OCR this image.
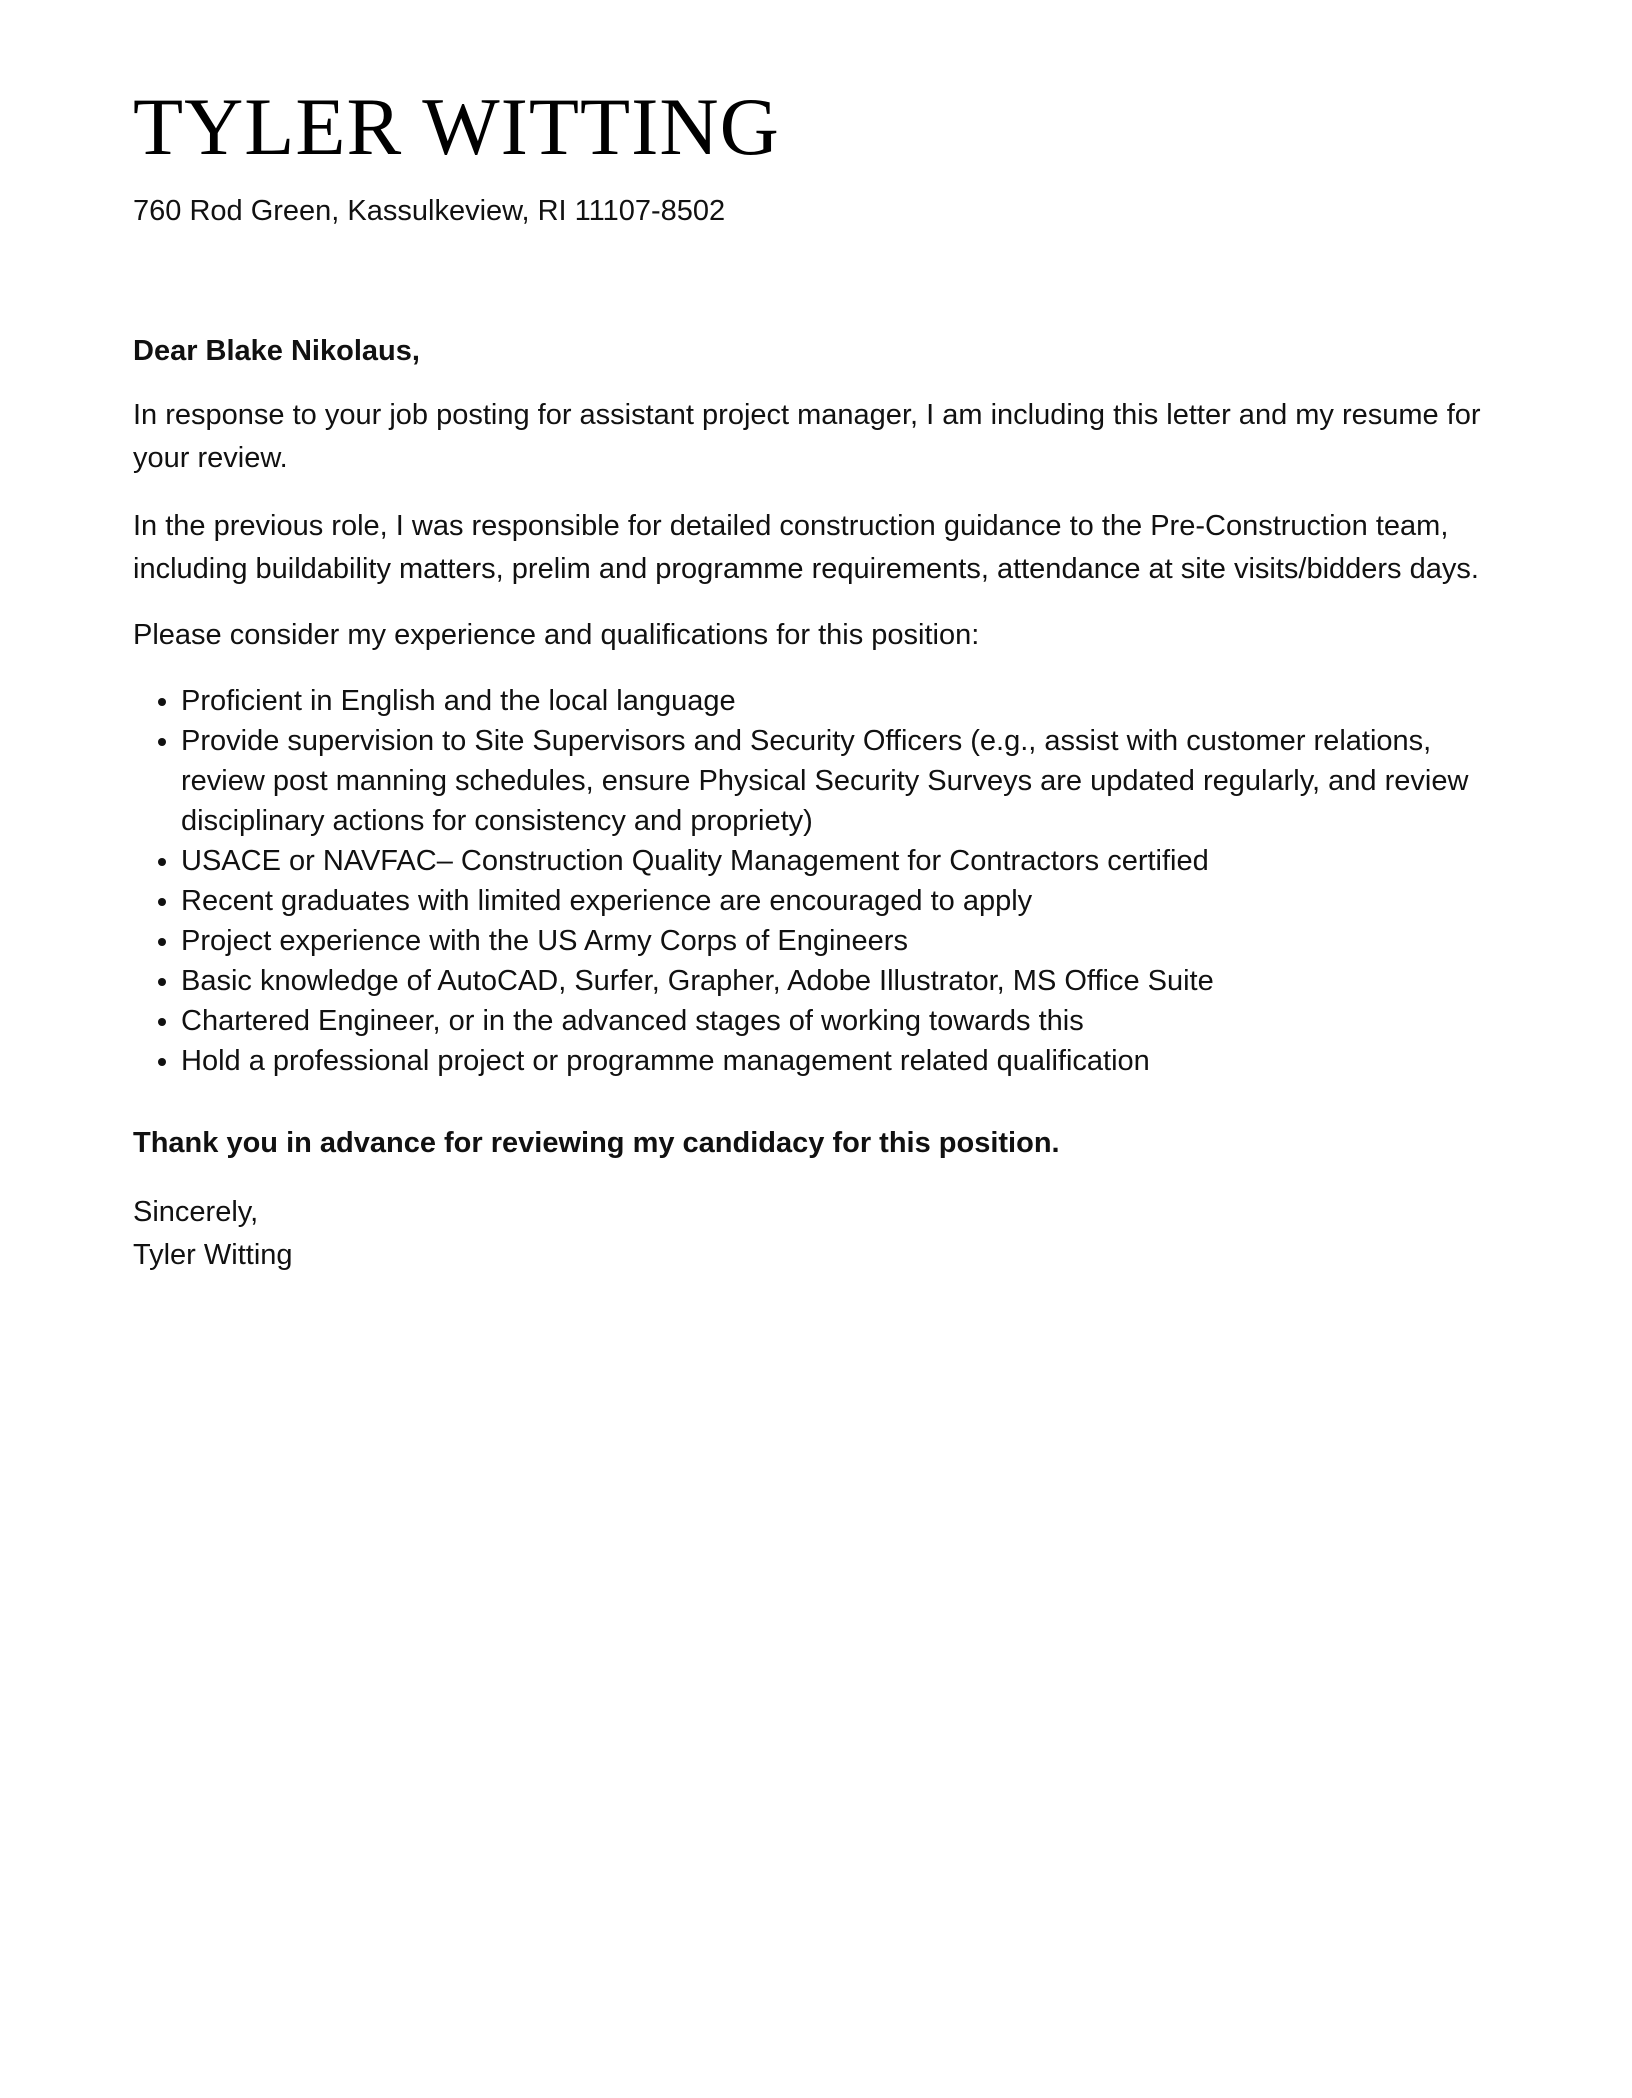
TYLER WITTING
760 Rod Green, Kassulkeview, RI 11107-8502
Dear Blake Nikolaus,

In response to your job posting for assistant project manager, I am including this letter and my resume for your review.

In the previous role, I was responsible for detailed construction guidance to the Pre-Construction team, including buildability matters, prelim and programme requirements, attendance at site visits/bidders days.

Please consider my experience and qualifications for this position:

• Proficient in English and the local language
• Provide supervision to Site Supervisors and Security Officers (e.g., assist with customer relations, review post manning schedules, ensure Physical Security Surveys are updated regularly, and review disciplinary actions for consistency and propriety)
• USACE or NAVFAC– Construction Quality Management for Contractors certified
• Recent graduates with limited experience are encouraged to apply
• Project experience with the US Army Corps of Engineers
• Basic knowledge of AutoCAD, Surfer, Grapher, Adobe Illustrator, MS Office Suite
• Chartered Engineer, or in the advanced stages of working towards this
• Hold a professional project or programme management related qualification
Thank you in advance for reviewing my candidacy for this position.
Sincerely,
Tyler Witting
